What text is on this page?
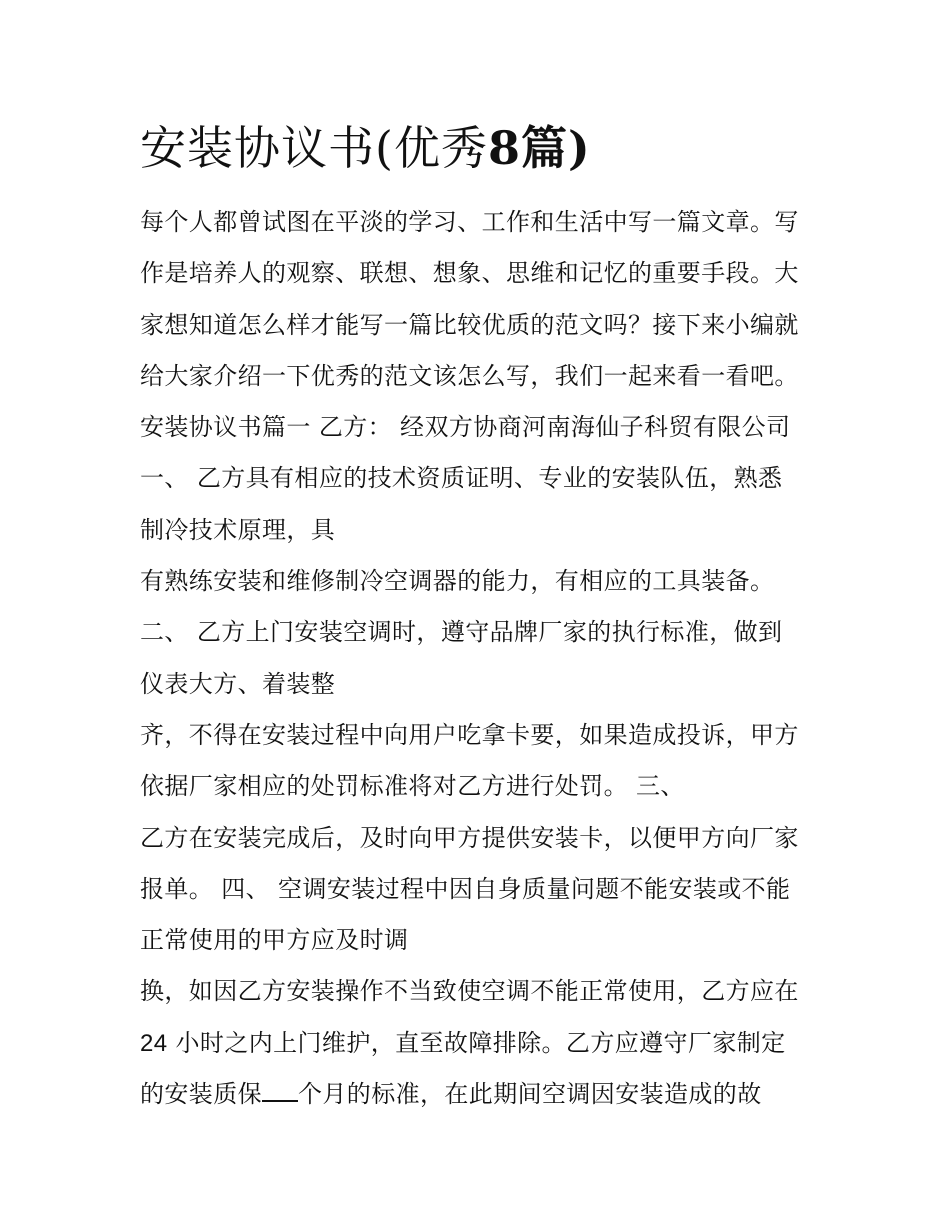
安装协议书(优秀8篇)
每个人都曾试图在平淡的学习、工作和生活中写一篇文章。写
作是培养人的观察、联想、想象、思维和记忆的重要手段。大
家想知道怎么样才能写一篇比较优质的范文吗？接下来小编就
给大家介绍一下优秀的范文该怎么写，我们一起来看一看吧。
安装协议书篇一 乙方： 经双方协商河南海仙子科贸有限公司
一、 乙方具有相应的技术资质证明、专业的安装队伍，熟悉
制冷技术原理，具
有熟练安装和维修制冷空调器的能力，有相应的工具装备。
二、 乙方上门安装空调时，遵守品牌厂家的执行标准，做到
仪表大方、着装整
齐，不得在安装过程中向用户吃拿卡要，如果造成投诉，甲方
依据厂家相应的处罚标准将对乙方进行处罚。 三、
乙方在安装完成后，及时向甲方提供安装卡，以便甲方向厂家
报单。 四、 空调安装过程中因自身质量问题不能安装或不能
正常使用的甲方应及时调
换，如因乙方安装操作不当致使空调不能正常使用，乙方应在
24 小时之内上门维护，直至故障排除。乙方应遵守厂家制定
的安装质保 个月的标准，在此期间空调因安装造成的故
